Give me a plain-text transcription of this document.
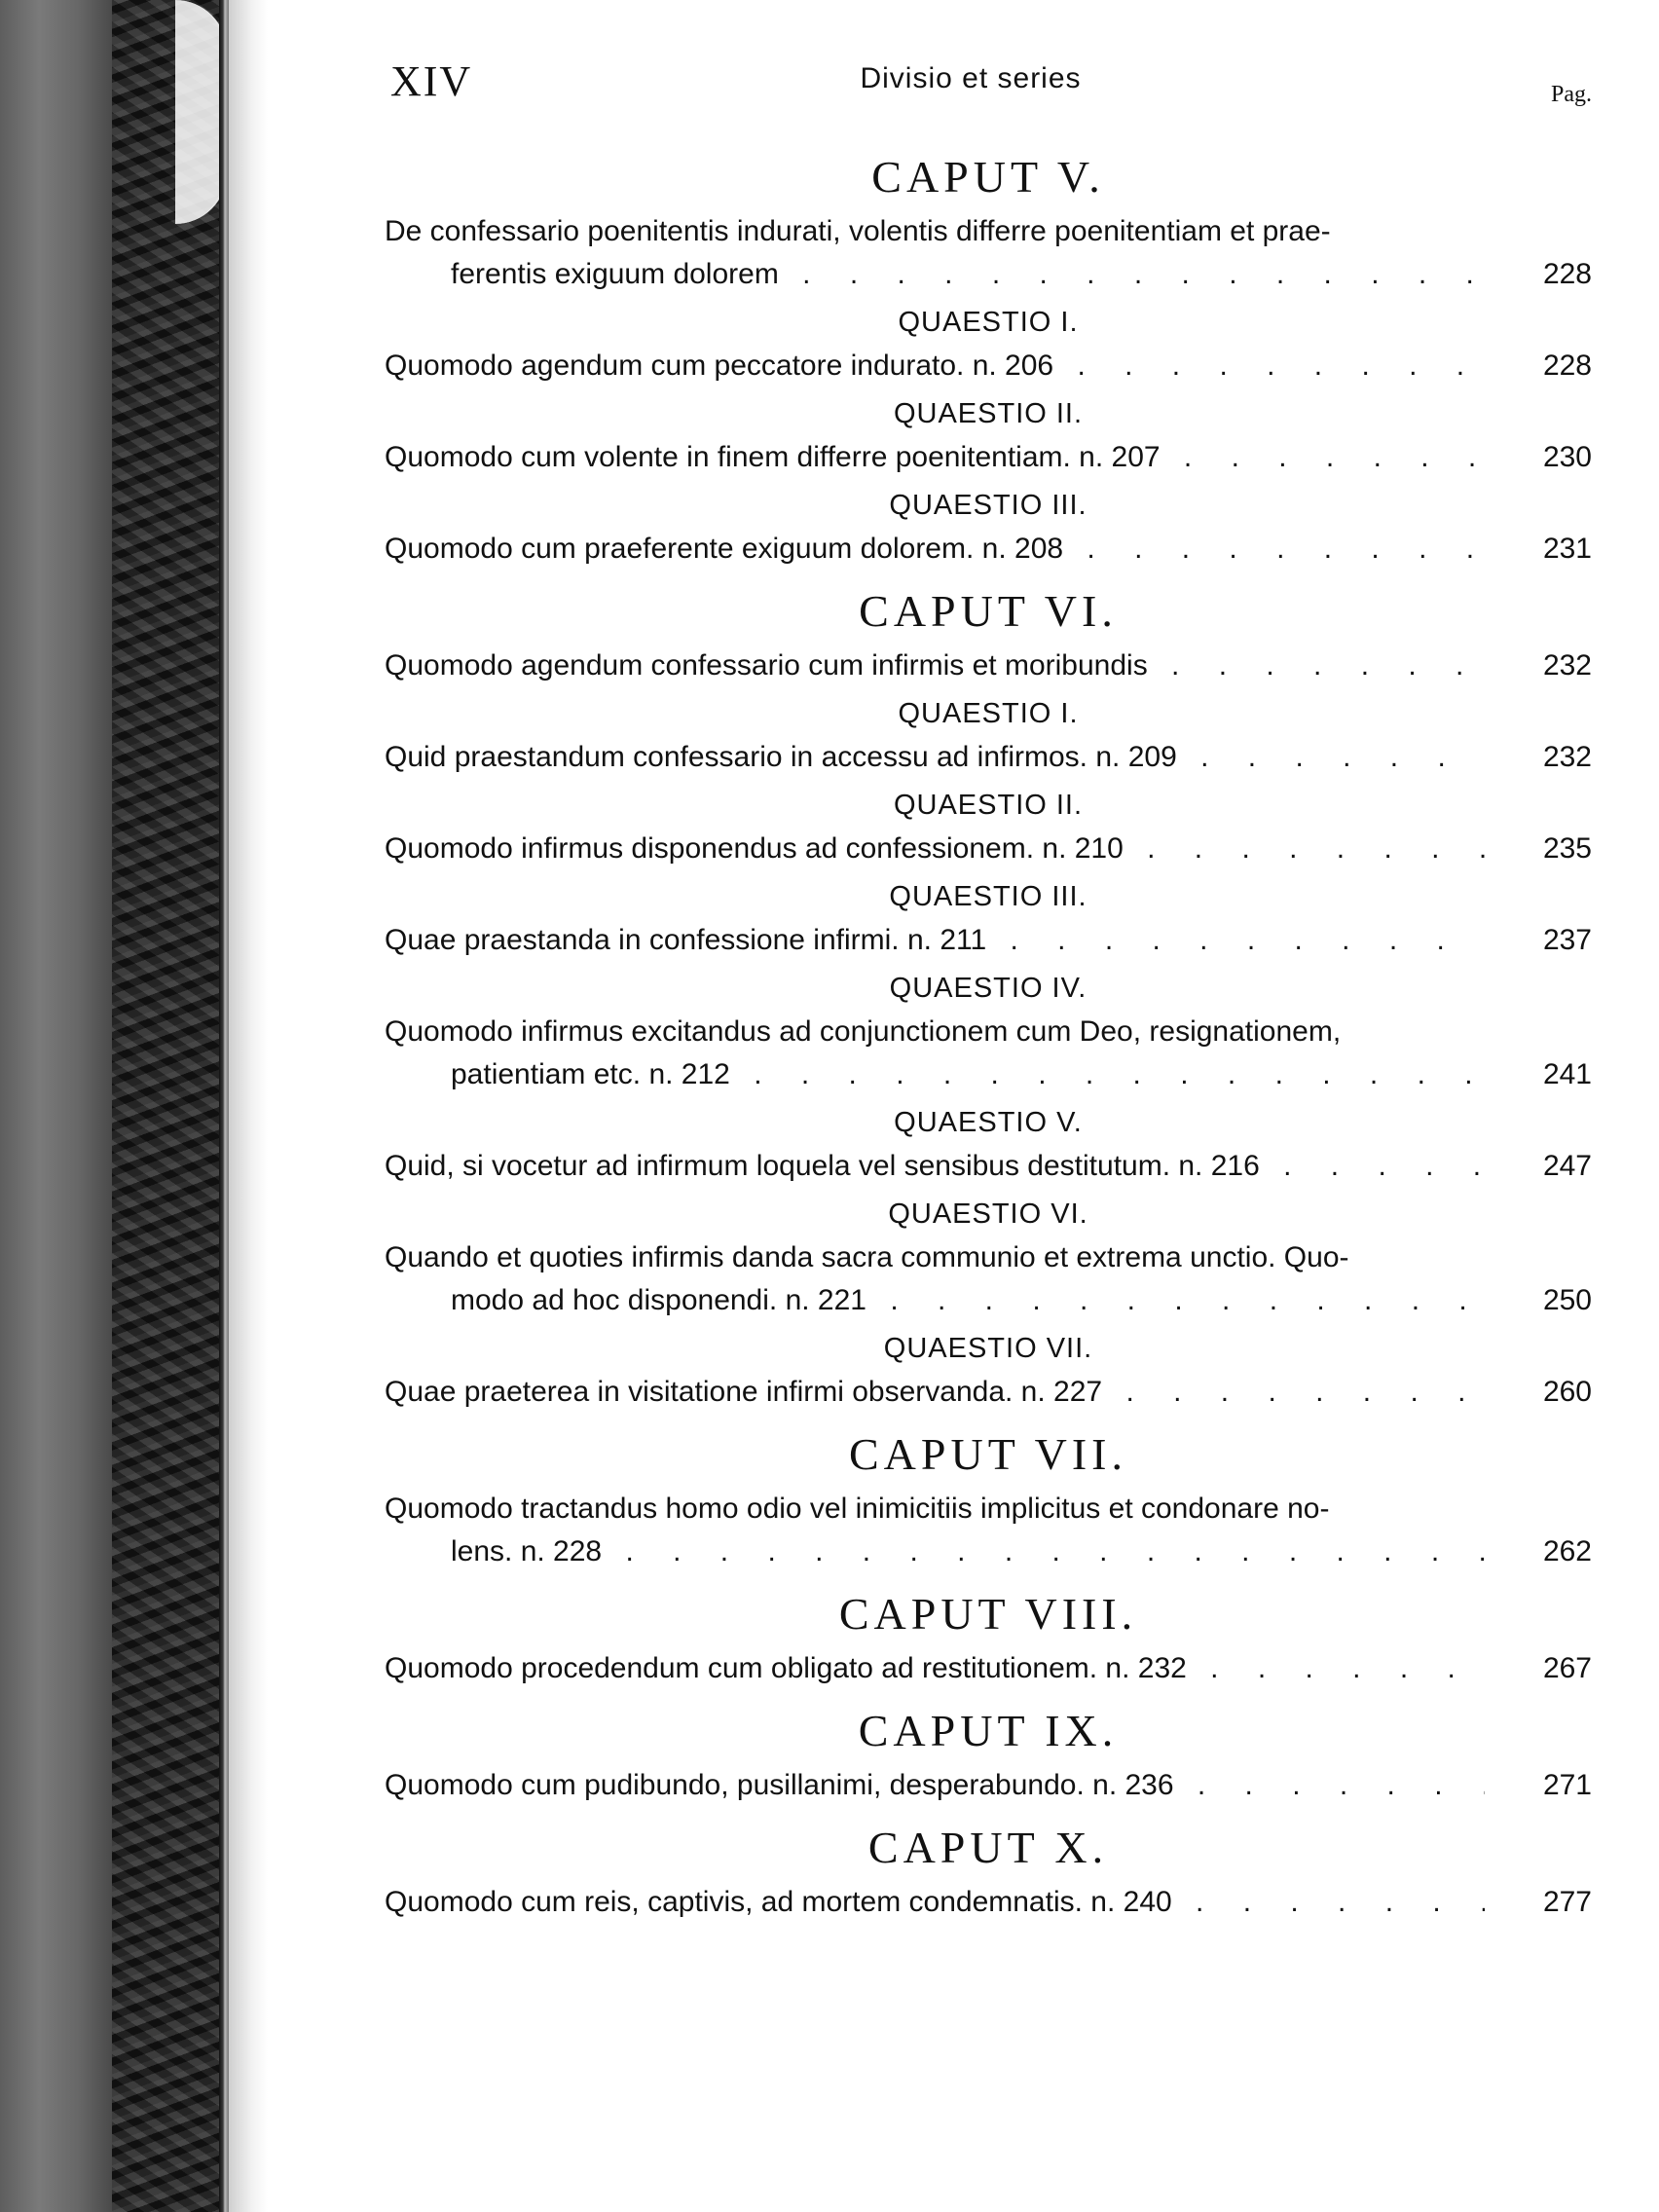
XIV	Divisio et series	Pag.
CAPUT V.
De confessario poenitentis indurati, volentis differre poenitentiam et prae-
ferentis exiguum dolorem . . .	228
QUAESTIO I.
Quomodo agendum cum peccatore indurato. n. 206 . . .	228
QUAESTIO II.
Quomodo cum volente in finem differre poenitentiam. n. 207 . . .	230
QUAESTIO III.
Quomodo cum praeferente exiguum dolorem. n. 208 . . .	231
CAPUT VI.
Quomodo agendum confessario cum infirmis et moribundis . . .	232
QUAESTIO I.
Quid praestandum confessario in accessu ad infirmos. n. 209 . . .	232
QUAESTIO II.
Quomodo infirmus disponendus ad confessionem. n. 210 . . .	235
QUAESTIO III.
Quae praestanda in confessione infirmi. n. 211 . . .	237
QUAESTIO IV.
Quomodo infirmus excitandus ad conjunctionem cum Deo, resignationem,
patientiam etc. n. 212 . . .	241
QUAESTIO V.
Quid, si vocetur ad infirmum loquela vel sensibus destitutum. n. 216 . . .	247
QUAESTIO VI.
Quando et quoties infirmis danda sacra communio et extrema unctio. Quo-
modo ad hoc disponendi. n. 221 . . .	250
QUAESTIO VII.
Quae praeterea in visitatione infirmi observanda. n. 227 . . .	260
CAPUT VII.
Quomodo tractandus homo odio vel inimicitiis implicitus et condonare no-
lens. n. 228 . . .	262
CAPUT VIII.
Quomodo procedendum cum obligato ad restitutionem. n. 232 . . .	267
CAPUT IX.
Quomodo cum pudibundo, pusillanimi, desperabundo. n. 236 . . .	271
CAPUT X.
Quomodo cum reis, captivis, ad mortem condemnatis. n. 240 . . .	277
